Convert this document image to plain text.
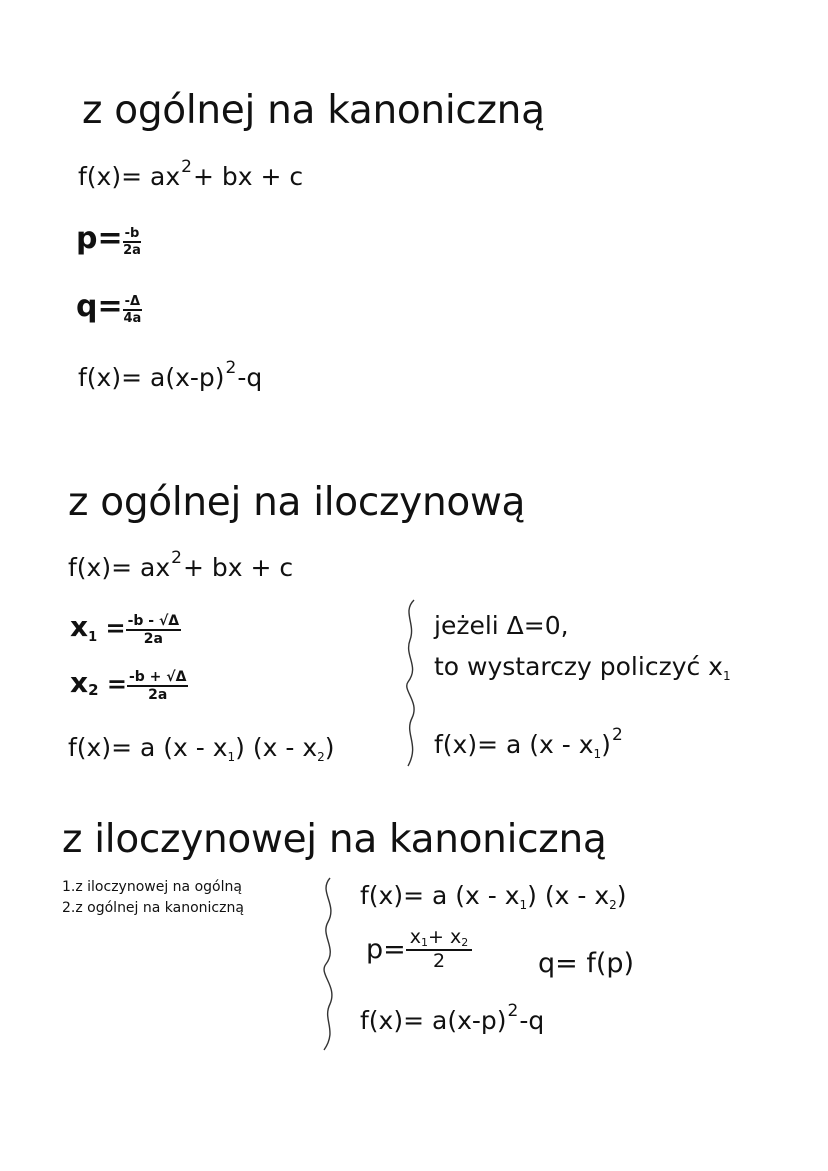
z ogólnej na kanoniczną
$f(x)= ax^2+$ bx + c
$p= \frac{-b}{2a}$
$q= \frac{-\Delta}{4a}$
$f(x)= a(x-p)^2-q$
z ogólnej na iloczynową
$f(x)= ax^2+$ bx + c
$x_1 = \frac{-b - √\Delta}{2a}$
$x2 = \frac{-b + √\Delta}{2a}$
f(x)= a $(x - x_1)$ $(x - x_2)$
jeżeli Δ=0,
to wystarczy policzyć $x_1$
f(x)= a $(x - x_1)^2$
z iloczynowej na kanoniczną
1.z iloczynowej na ogólną
2.z ogólnej na kanoniczną	f(x)= a $(x - x_1)$ $(x - x_2)$
$p= \frac{x1+ x2}{2} q= f(p)$
$f(x)= a(x-p)^2-q$
